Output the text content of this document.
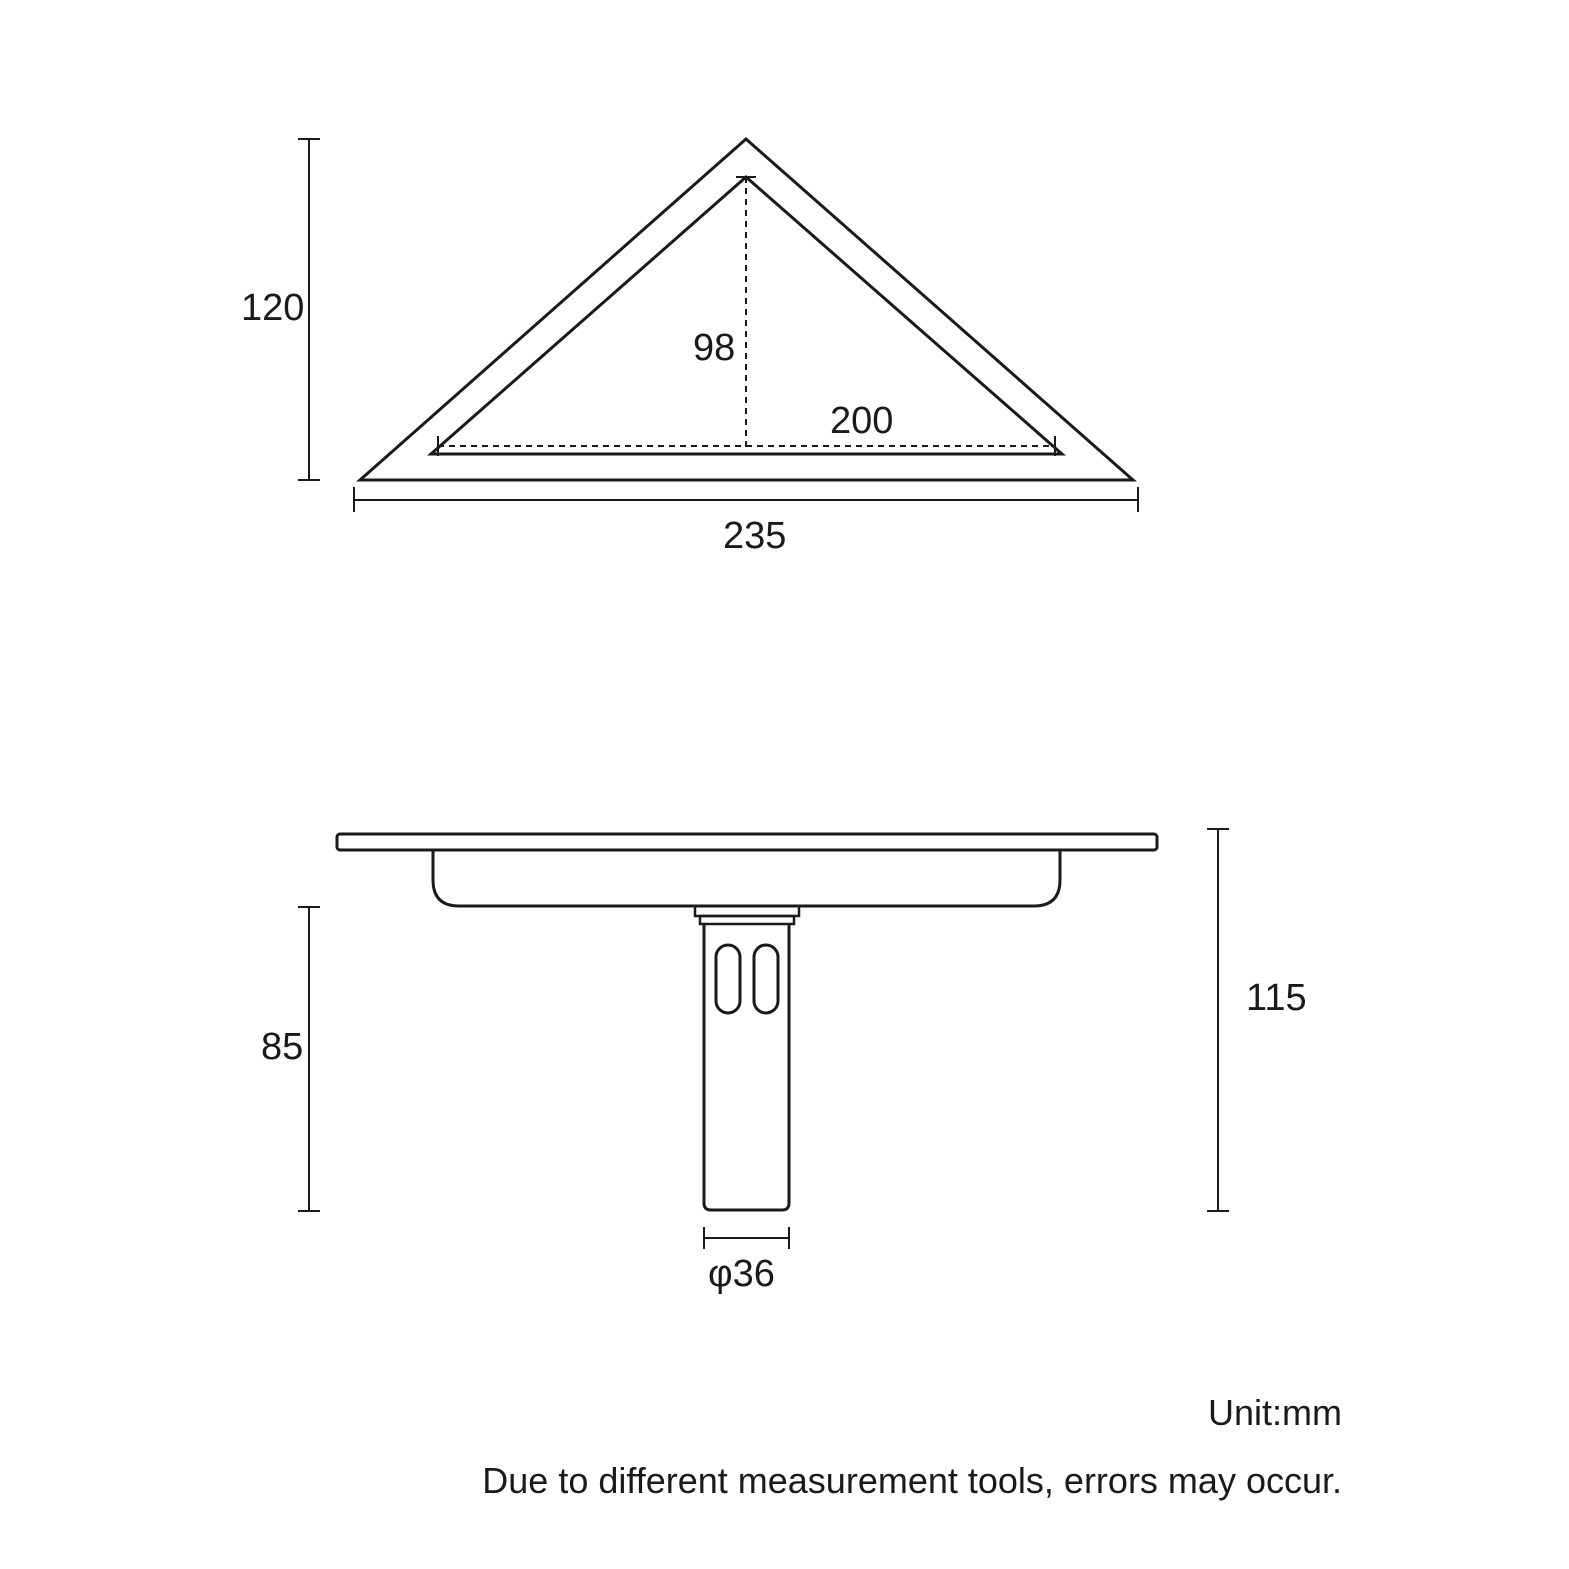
120
98
200
235
85
115
φ36
Unit:mm
Due to different measurement tools, errors may occur.
